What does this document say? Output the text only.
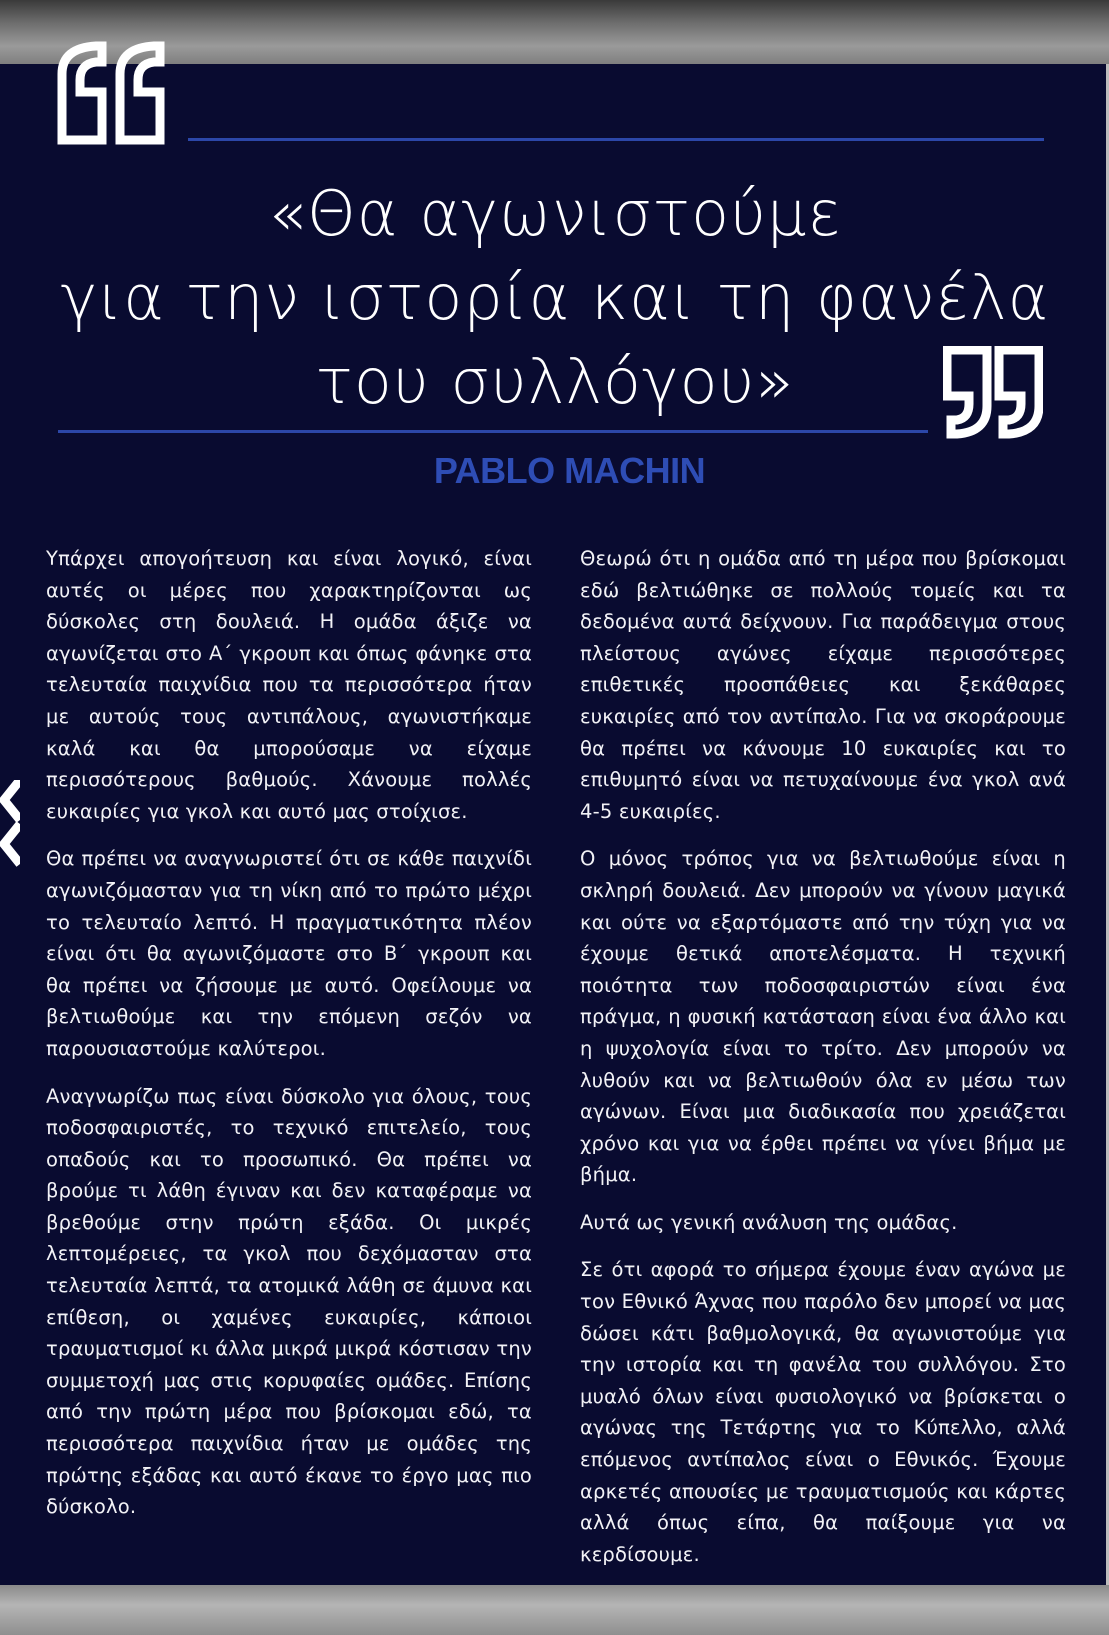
«Θα αγωνιστούμε
για την ιστορία και τη φανέλα
του συλλόγου»
PABLO MACHIN

Υπάρχει απογοήτευση και είναι λογικό, είναι αυτές οι μέρες που χαρακτηρίζονται ως δύσκολες στη δουλειά. Η ομάδα άξιζε να αγωνίζεται στο Α΄ γκρουπ και όπως φάνηκε στα τελευταία παιχνίδια που τα περισσότερα ήταν με αυτούς τους αντιπάλους, αγωνιστήκαμε καλά και θα μπορούσαμε να είχαμε περισσότερους βαθμούς. Χάνουμε πολλές ευκαιρίες για γκολ και αυτό μας στοίχισε.

Θα πρέπει να αναγνωριστεί ότι σε κάθε παιχνίδι αγωνιζόμασταν για τη νίκη από το πρώτο μέχρι το τελευταίο λεπτό. Η πραγματικότητα πλέον είναι ότι θα αγωνιζόμαστε στο Β΄ γκρουπ και θα πρέπει να ζήσουμε με αυτό. Οφείλουμε να βελτιωθούμε και την επόμενη σεζόν να παρουσιαστούμε καλύτεροι.

Αναγνωρίζω πως είναι δύσκολο για όλους, τους ποδοσφαιριστές, το τεχνικό επιτελείο, τους οπαδούς και το προσωπικό. Θα πρέπει να βρούμε τι λάθη έγιναν και δεν καταφέραμε να βρεθούμε στην πρώτη εξάδα. Οι μικρές λεπτομέρειες, τα γκολ που δεχόμασταν στα τελευταία λεπτά, τα ατομικά λάθη σε άμυνα και επίθεση, οι χαμένες ευκαιρίες, κάποιοι τραυματισμοί κι άλλα μικρά μικρά κόστισαν την συμμετοχή μας στις κορυφαίες ομάδες. Επίσης από την πρώτη μέρα που βρίσκομαι εδώ, τα περισσότερα παιχνίδια ήταν με ομάδες της πρώτης εξάδας και αυτό έκανε το έργο μας πιο δύσκολο.

Θεωρώ ότι η ομάδα από τη μέρα που βρίσκομαι εδώ βελτιώθηκε σε πολλούς τομείς και τα δεδομένα αυτά δείχνουν. Για παράδειγμα στους πλείστους αγώνες είχαμε περισσότερες επιθετικές προσπάθειες και ξεκάθαρες ευκαιρίες από τον αντίπαλο. Για να σκοράρουμε θα πρέπει να κάνουμε 10 ευκαιρίες και το επιθυμητό είναι να πετυχαίνουμε ένα γκολ ανά 4-5 ευκαιρίες.

Ο μόνος τρόπος για να βελτιωθούμε είναι η σκληρή δουλειά. Δεν μπορούν να γίνουν μαγικά και ούτε να εξαρτόμαστε από την τύχη για να έχουμε θετικά αποτελέσματα. Η τεχνική ποιότητα των ποδοσφαιριστών είναι ένα πράγμα, η φυσική κατάσταση είναι ένα άλλο και η ψυχολογία είναι το τρίτο. Δεν μπορούν να λυθούν και να βελτιωθούν όλα εν μέσω των αγώνων. Είναι μια διαδικασία που χρειάζεται χρόνο και για να έρθει πρέπει να γίνει βήμα με βήμα.

Αυτά ως γενική ανάλυση της ομάδας.

Σε ότι αφορά το σήμερα έχουμε έναν αγώνα με τον Εθνικό Άχνας που παρόλο δεν μπορεί να μας δώσει κάτι βαθμολογικά, θα αγωνιστούμε για την ιστορία και τη φανέλα του συλλόγου. Στο μυαλό όλων είναι φυσιολογικό να βρίσκεται ο αγώνας της Τετάρτης για το Κύπελλο, αλλά επόμενος αντίπαλος είναι ο Εθνικός. Έχουμε αρκετές απουσίες με τραυματισμούς και κάρτες αλλά όπως είπα, θα παίξουμε για να κερδίσουμε.
